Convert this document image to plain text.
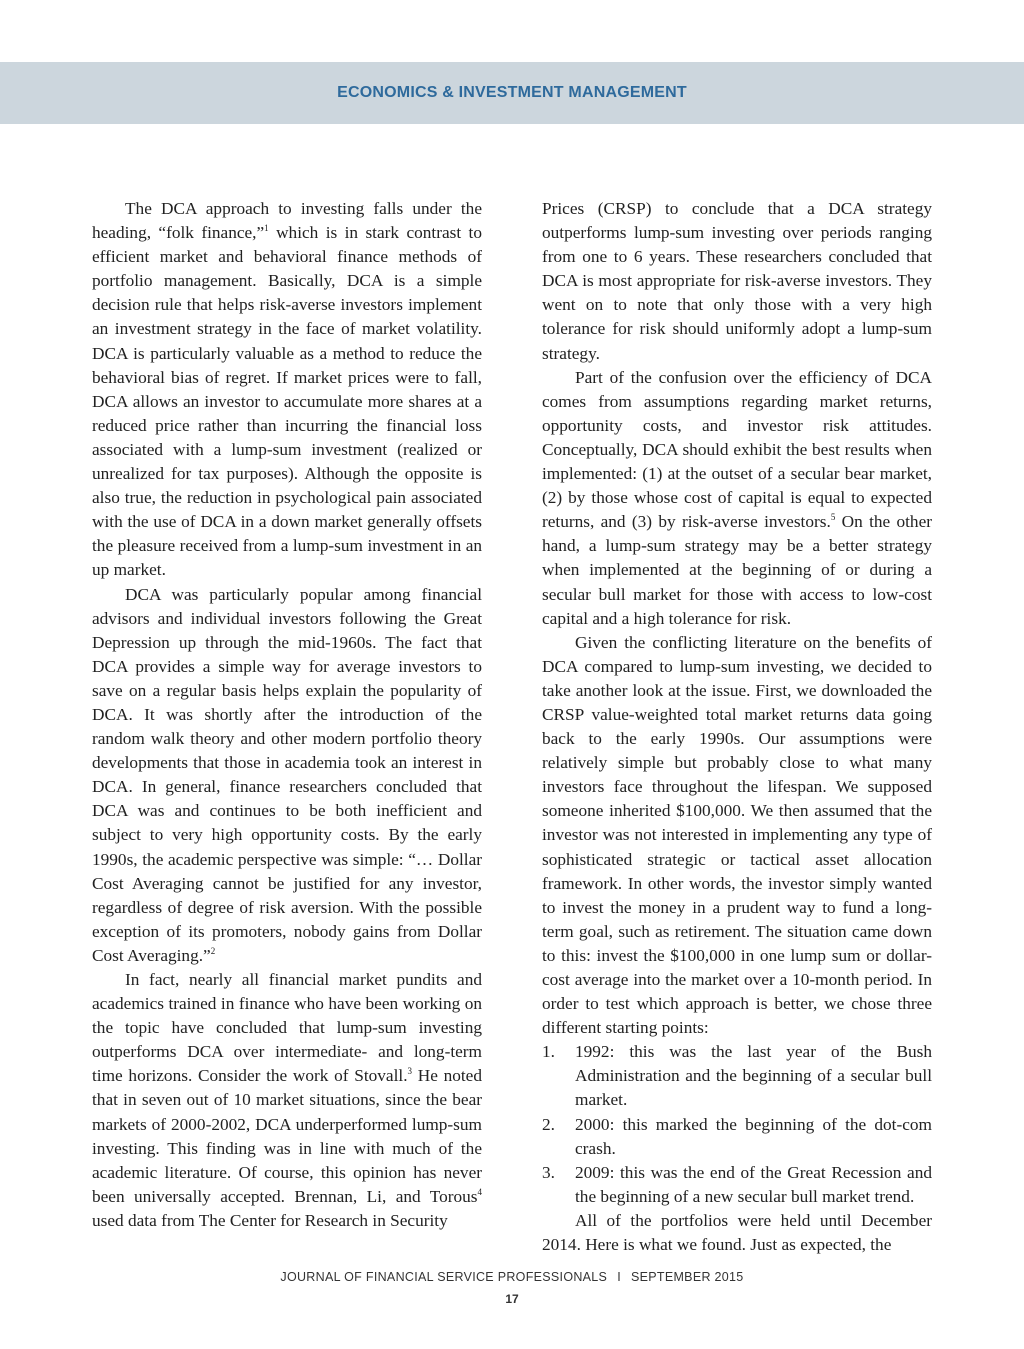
ECONOMICS & INVESTMENT MANAGEMENT

The DCA approach to investing falls under the heading, “folk finance,”$^1$ which is in stark contrast to efficient market and behavioral finance methods of portfolio management. Basically, DCA is a simple decision rule that helps risk-averse investors implement an investment strategy in the face of market volatility. DCA is particularly valuable as a method to reduce the behavioral bias of regret. If market prices were to fall, DCA allows an investor to accumulate more shares at a reduced price rather than incurring the financial loss associated with a lump-sum investment (realized or unrealized for tax purposes). Although the opposite is also true, the reduction in psychological pain associated with the use of DCA in a down market generally offsets the pleasure received from a lump-sum investment in an up market.

DCA was particularly popular among financial advisors and individual investors following the Great Depression up through the mid-1960s. The fact that DCA provides a simple way for average investors to save on a regular basis helps explain the popularity of DCA. It was shortly after the introduction of the random walk theory and other modern portfolio theory developments that those in academia took an interest in DCA. In general, finance researchers concluded that DCA was and continues to be both inefficient and subject to very high opportunity costs. By the early 1990s, the academic perspective was simple: “… Dollar Cost Averaging cannot be justified for any investor, regardless of degree of risk aversion. With the possible exception of its promoters, nobody gains from Dollar Cost Averaging.”$^2$

In fact, nearly all financial market pundits and academics trained in finance who have been working on the topic have concluded that lump-sum investing outperforms DCA over intermediate- and long-term time horizons. Consider the work of Stovall.$^3$ He noted that in seven out of 10 market situations, since the bear markets of 2000-2002, DCA underperformed lump-sum investing. This finding was in line with much of the academic literature. Of course, this opinion has never been universally accepted. Brennan, Li, and Torous$^4$ used data from The Center for Research in Security

Prices (CRSP) to conclude that a DCA strategy outperforms lump-sum investing over periods ranging from one to 6 years. These researchers concluded that DCA is most appropriate for risk-averse investors. They went on to note that only those with a very high tolerance for risk should uniformly adopt a lump-sum strategy.

Part of the confusion over the efficiency of DCA comes from assumptions regarding market returns, opportunity costs, and investor risk attitudes. Conceptually, DCA should exhibit the best results when implemented: (1) at the outset of a secular bear market, (2) by those whose cost of capital is equal to expected returns, and (3) by risk-averse investors.$^5$ On the other hand, a lump-sum strategy may be a better strategy when implemented at the beginning of or during a secular bull market for those with access to low-cost capital and a high tolerance for risk.

Given the conflicting literature on the benefits of DCA compared to lump-sum investing, we decided to take another look at the issue. First, we downloaded the CRSP value-weighted total market returns data going back to the early 1990s. Our assumptions were relatively simple but probably close to what many investors face throughout the lifespan. We supposed someone inherited $100,000. We then assumed that the investor was not interested in implementing any type of sophisticated strategic or tactical asset allocation framework. In other words, the investor simply wanted to invest the money in a prudent way to fund a long-term goal, such as retirement. The situation came down to this: invest the $100,000 in one lump sum or dollar-cost average into the market over a 10-month period. In order to test which approach is better, we chose three different starting points:

1.	1992: this was the last year of the Bush Administration and the beginning of a secular bull market.
2.	2000: this marked the beginning of the dot-com crash.
3.	2009: this was the end of the Great Recession and the beginning of a new secular bull market trend.

All of the portfolios were held until December 2014. Here is what we found. Just as expected, the

JOURNAL OF FINANCIAL SERVICE PROFESSIONALS I SEPTEMBER 2015
17
